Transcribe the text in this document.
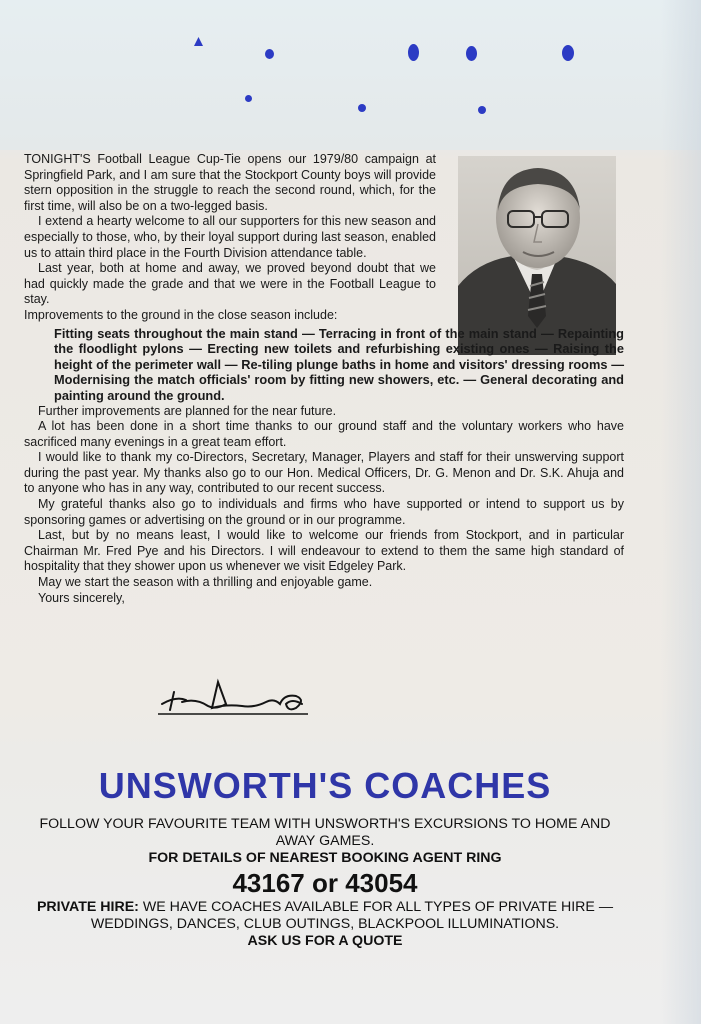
TONIGHT'S Football League Cup-Tie opens our 1979/80 campaign at Springfield Park, and I am sure that the Stockport County boys will provide stern opposition in the struggle to reach the second round, which, for the first time, will also be on a two-legged basis.

I extend a hearty welcome to all our supporters for this new season and especially to those, who, by their loyal support during last season, enabled us to attain third place in the Fourth Division attendance table.

Last year, both at home and away, we proved beyond doubt that we had quickly made the grade and that we were in the Football League to stay.

Improvements to the ground in the close season include:

Fitting seats throughout the main stand — Terracing in front of the main stand — Repainting the floodlight pylons — Erecting new toilets and refurbishing existing ones — Raising the height of the perimeter wall — Re-tiling plunge baths in home and visitors' dressing rooms — Modernising the match officials' room by fitting new showers, etc. — General decorating and painting around the ground.

Further improvements are planned for the near future.

A lot has been done in a short time thanks to our ground staff and the voluntary workers who have sacrificed many evenings in a great team effort.

I would like to thank my co-Directors, Secretary, Manager, Players and staff for their unswerving support during the past year. My thanks also go to our Hon. Medical Officers, Dr. G. Menon and Dr. S.K. Ahuja and to anyone who has in any way, contributed to our recent success.

My grateful thanks also go to individuals and firms who have supported or intend to support us by sponsoring games or advertising on the ground or in our programme.

Last, but by no means least, I would like to welcome our friends from Stockport, and in particular Chairman Mr. Fred Pye and his Directors. I will endeavour to extend to them the same high standard of hospitality that they shower upon us whenever we visit Edgeley Park.

May we start the season with a thrilling and enjoyable game.

Yours sincerely,

UNSWORTH'S COACHES

FOLLOW YOUR FAVOURITE TEAM WITH UNSWORTH'S EXCURSIONS TO HOME AND AWAY GAMES.

FOR DETAILS OF NEAREST BOOKING AGENT RING

43167 or 43054

PRIVATE HIRE: WE HAVE COACHES AVAILABLE FOR ALL TYPES OF PRIVATE HIRE — WEDDINGS, DANCES, CLUB OUTINGS, BLACKPOOL ILLUMINATIONS.

ASK US FOR A QUOTE
